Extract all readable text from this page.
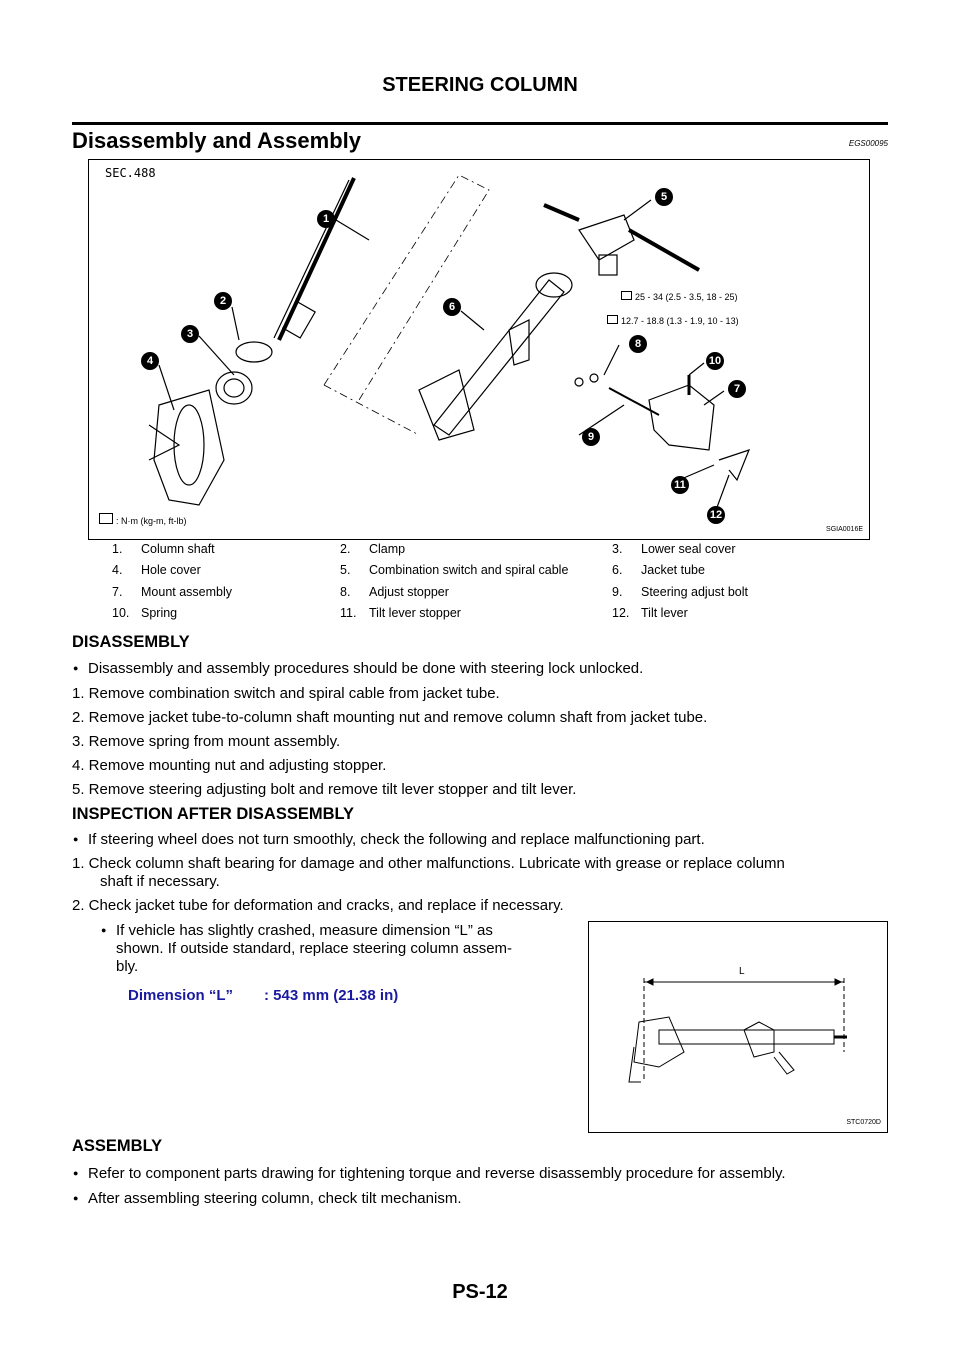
STEERING COLUMN
Disassembly and Assembly	EGS00095
SEC.488
1
2
3
4
5
6
7
8
9
10
11
12
25 - 34 (2.5 - 3.5, 18 - 25)
12.7 - 18.8 (1.3 - 1.9, 10 - 13)
: N·m (kg-m, ft-lb)
SGIA0016E
1.	Column shaft	2.	Clamp	3.	Lower seal cover
4.	Hole cover	5.	Combination switch and spiral cable	6.	Jacket tube
7.	Mount assembly	8.	Adjust stopper	9.	Steering adjust bolt
10.	Spring	11.	Tilt lever stopper	12.	Tilt lever
DISASSEMBLY
● Disassembly and assembly procedures should be done with steering lock unlocked.
1. Remove combination switch and spiral cable from jacket tube.
2. Remove jacket tube-to-column shaft mounting nut and remove column shaft from jacket tube.
3. Remove spring from mount assembly.
4. Remove mounting nut and adjusting stopper.
5. Remove steering adjusting bolt and remove tilt lever stopper and tilt lever.
INSPECTION AFTER DISASSEMBLY
● If steering wheel does not turn smoothly, check the following and replace malfunctioning part.
1. Check column shaft bearing for damage and other malfunctions. Lubricate with grease or replace column
shaft if necessary.
2. Check jacket tube for deformation and cracks, and replace if necessary.
● If vehicle has slightly crashed, measure dimension “L” as
shown. If outside standard, replace steering column assem-
bly.
Dimension “L” : 543 mm (21.38 in)
L
STC0720D
ASSEMBLY
● Refer to component parts drawing for tightening torque and reverse disassembly procedure for assembly.
● After assembling steering column, check tilt mechanism.
PS-12
